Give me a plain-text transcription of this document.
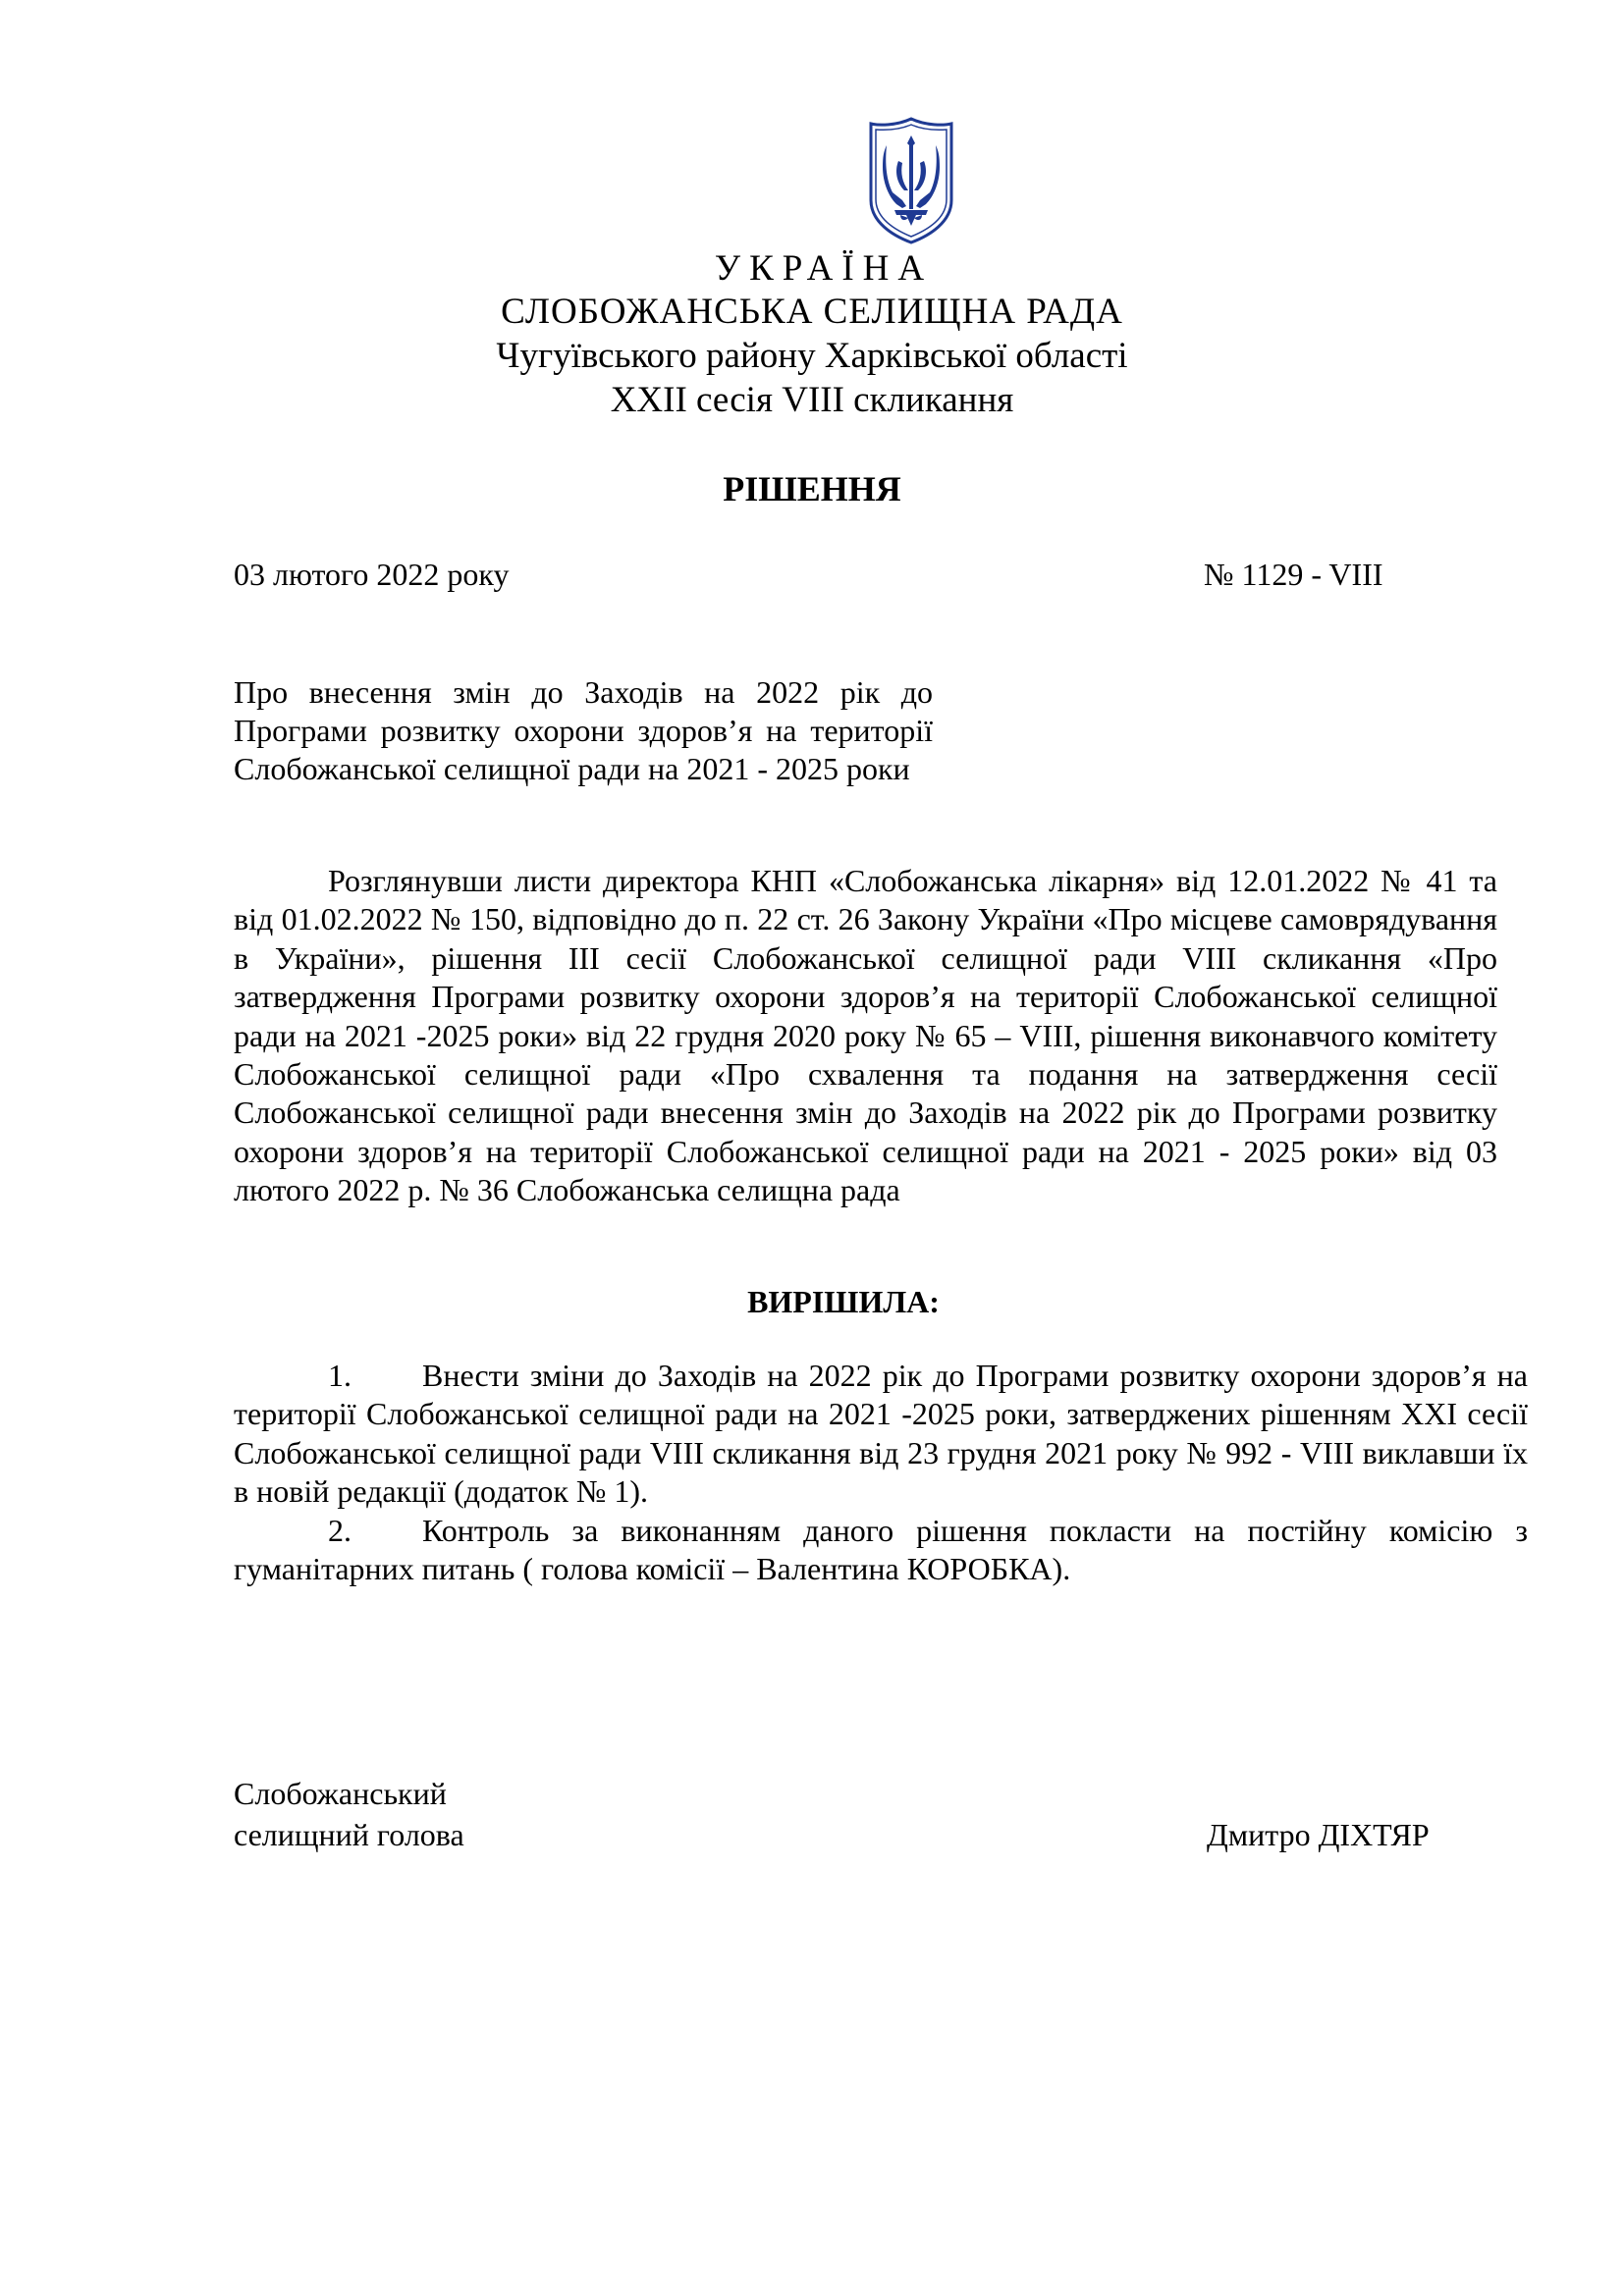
УКРАЇНА
СЛОБОЖАНСЬКА СЕЛИЩНА РАДА
Чугуївського району Харківської області
XXІI сесія VIII скликання
РІШЕННЯ
03 лютого 2022 року	№ 1129 - VIII
Про внесення змін до Заходів на 2022 рік до Програми розвитку охорони здоров’я на території Слобожанської селищної ради на 2021 - 2025 роки
Розглянувши листи директора КНП «Слобожанська лікарня» від 12.01.2022 № 41 та від 01.02.2022 № 150, відповідно до п. 22 ст. 26 Закону України «Про місцеве самоврядування в України», рішення ІІІ сесії Слобожанської селищної ради VIII скликання «Про затвердження Програми розвитку охорони здоров’я на території Слобожанської селищної ради на 2021 -2025 роки» від 22 грудня 2020 року № 65 – VIII, рішення виконавчого комітету Слобожанської селищної ради «Про схвалення та подання на затвердження сесії Слобожанської селищної ради внесення змін до Заходів на 2022 рік до Програми розвитку охорони здоров’я на території Слобожанської селищної ради на 2021 - 2025 роки» від 03 лютого 2022 р. № 36 Слобожанська селищна рада
ВИРІШИЛА:

1. Внести зміни до Заходів на 2022 рік до Програми розвитку охорони здоров’я на території Слобожанської селищної ради на 2021 -2025 роки, затверджених рішенням XXI сесії Слобожанської селищної ради VIII скликання від 23 грудня 2021 року № 992 - VIII виклавши їх в новій редакції (додаток № 1).

2. Контроль за виконанням даного рішення покласти на постійну комісію з гуманітарних питань ( голова комісії – Валентина КОРОБКА).

Слобожанський
селищний голова	Дмитро ДІХТЯР
